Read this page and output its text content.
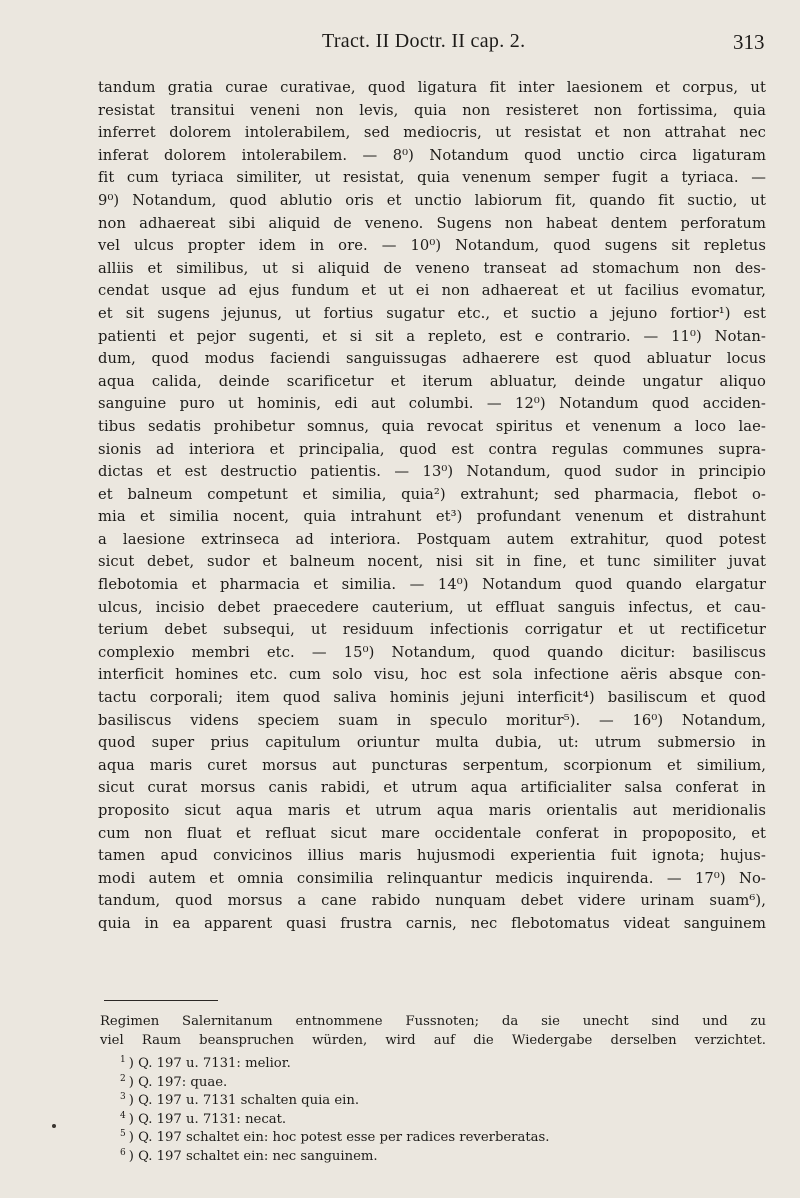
Tract. II Doctr. II cap. 2.	313
tandum gratia curae curativae, quod ligatura fit inter laesionem et corpus, ut
resistat transitui veneni non levis, quia non resisteret non fortissima, quia
inferret dolorem intolerabilem, sed mediocris, ut resistat et non attrahat nec
inferat dolorem intolerabilem. — 8⁰) Notandum quod unctio circa ligaturam
fit cum tyriaca similiter, ut resistat, quia venenum semper fugit a tyriaca. —
9⁰) Notandum, quod ablutio oris et unctio labiorum fit, quando fit suctio, ut
non adhaereat sibi aliquid de veneno. Sugens non habeat dentem perforatum
vel ulcus propter idem in ore. — 10⁰) Notandum, quod sugens sit repletus
alliis et similibus, ut si aliquid de veneno transeat ad stomachum non des-
cendat usque ad ejus fundum et ut ei non adhaereat et ut facilius evomatur,
et sit sugens jejunus, ut fortius sugatur etc., et suctio a jejuno fortior¹) est
patienti et pejor sugenti, et si sit a repleto, est e contrario. — 11⁰) Notan-
dum, quod modus faciendi sanguissugas adhaerere est quod abluatur locus
aqua calida, deinde scarificetur et iterum abluatur, deinde ungatur aliquo
sanguine puro ut hominis, edi aut columbi. — 12⁰) Notandum quod acciden-
tibus sedatis prohibetur somnus, quia revocat spiritus et venenum a loco lae-
sionis ad interiora et principalia, quod est contra regulas communes supra-
dictas et est destructio patientis. — 13⁰) Notandum, quod sudor in principio
et balneum competunt et similia, quia²) extrahunt; sed pharmacia, flebot o-
mia et similia nocent, quia intrahunt et³) profundant venenum et distrahunt
a laesione extrinseca ad interiora. Postquam autem extrahitur, quod potest
sicut debet, sudor et balneum nocent, nisi sit in fine, et tunc similiter juvat
flebotomia et pharmacia et similia. — 14⁰) Notandum quod quando elargatur
ulcus, incisio debet praecedere cauterium, ut effluat sanguis infectus, et cau-
terium debet subsequi, ut residuum infectionis corrigatur et ut rectificetur
complexio membri etc. — 15⁰) Notandum, quod quando dicitur: basiliscus
interficit homines etc. cum solo visu, hoc est sola infectione aëris absque con-
tactu corporali; item quod saliva hominis jejuni interficit⁴) basiliscum et quod
basiliscus videns speciem suam in speculo moritur⁵). — 16⁰) Notandum,
quod super prius capitulum oriuntur multa dubia, ut: utrum submersio in
aqua maris curet morsus aut puncturas serpentum, scorpionum et similium,
sicut curat morsus canis rabidi, et utrum aqua artificialiter salsa conferat in
proposito sicut aqua maris et utrum aqua maris orientalis aut meridionalis
cum non fluat et refluat sicut mare occidentale conferat in propoposito, et
tamen apud convicinos illius maris hujusmodi experientia fuit ignota; hujus-
modi autem et omnia consimilia relinquantur medicis inquirenda. — 17⁰) No-
tandum, quod morsus a cane rabido nunquam debet videre urinam suam⁶),
quia in ea apparent quasi frustra carnis, nec flebotomatus videat sanguinem
Regimen Salernitanum entnommene Fussnoten; da sie unecht sind und zu
viel Raum beanspruchen würden, wird auf die Wiedergabe derselben verzichtet.
$^1$ ) Q. 197 u. 7131: melior.
$^2$ ) Q. 197: quae.
$^3$ ) Q. 197 u. 7131 schalten quia ein.
$^4$ ) Q. 197 u. 7131: necat.
$^5$ ) Q. 197 schaltet ein: hoc potest esse per radices reverberatas.
$^6$ ) Q. 197 schaltet ein: nec sanguinem.
